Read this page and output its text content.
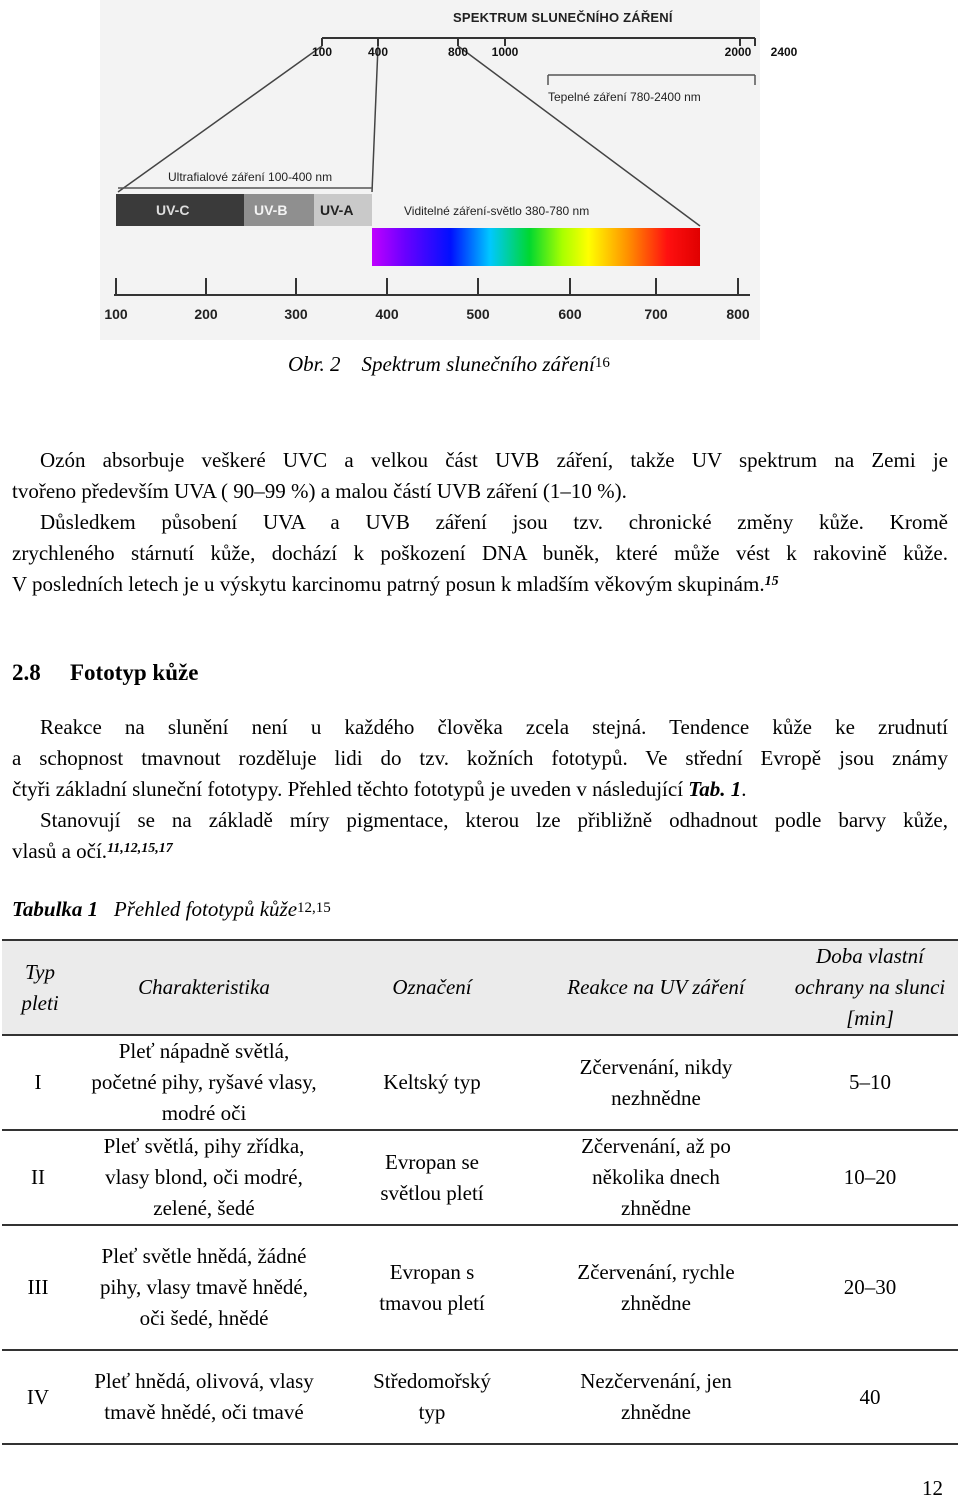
SPEKTRUM SLUNEČNÍHO ZÁŘENÍ
100	400	800 1000	2000 2400
Tepelné záření 780-2400 nm
Ultrafialové záření 100-400 nm
UV-C	UV-B	UV-A	Viditelné záření-světlo 380-780 nm
100	200	300	400	500	600	700	800
Obr. 2 Spektrum slunečního záření$^{16}$
Ozón absorbuje veškeré UVC a velkou část UVB záření, takže UV spektrum na Zemi je
tvořeno především UVA ( 90–99 %) a malou částí UVB záření (1–10 %).
Důsledkem působení UVA a UVB záření jsou tzv. chronické změny kůže. Kromě
zrychleného stárnutí kůže, dochází k poškození DNA buněk, které může vést k rakovině kůže.
V posledních letech je u výskytu karcinomu patrný posun k mladším věkovým skupinám.$^{15}$
2.8 Fototyp kůže
Reakce na slunění není u každého člověka zcela stejná. Tendence kůže ke zrudnutí
a schopnost tmavnout rozděluje lidi do tzv. kožních fototypů. Ve střední Evropě jsou známy
čtyři základní sluneční fototypy. Přehled těchto fototypů je uveden v následující Tab. 1.
Stanovují se na základě míry pigmentace, kterou lze přibližně odhadnout podle barvy kůže,
vlasů a očí.$^{11,12,15,17}$
Tabulka 1 Přehled fototypů kůže$^{12,15}$
Typ pleti	Charakteristika	Označení	Reakce na UV záření	Doba vlastní ochrany na slunci [min]
I	Pleť nápadně světlá, početné pihy, ryšavé vlasy, modré oči	Keltský typ	Zčervenání, nikdy nezhnědne	5–10
II	Pleť světlá, pihy zřídka, vlasy blond, oči modré, zelené, šedé	Evropan se světlou pletí	Zčervenání, až po několika dnech zhnědne	10–20
III	Pleť světle hnědá, žádné pihy, vlasy tmavě hnědé, oči šedé, hnědé	Evropan s tmavou pletí	Zčervenání, rychle zhnědne	20–30
IV	Pleť hnědá, olivová, vlasy tmavě hnědé, oči tmavé	Středomořský typ	Nezčervenání, jen zhnědne	40
12
